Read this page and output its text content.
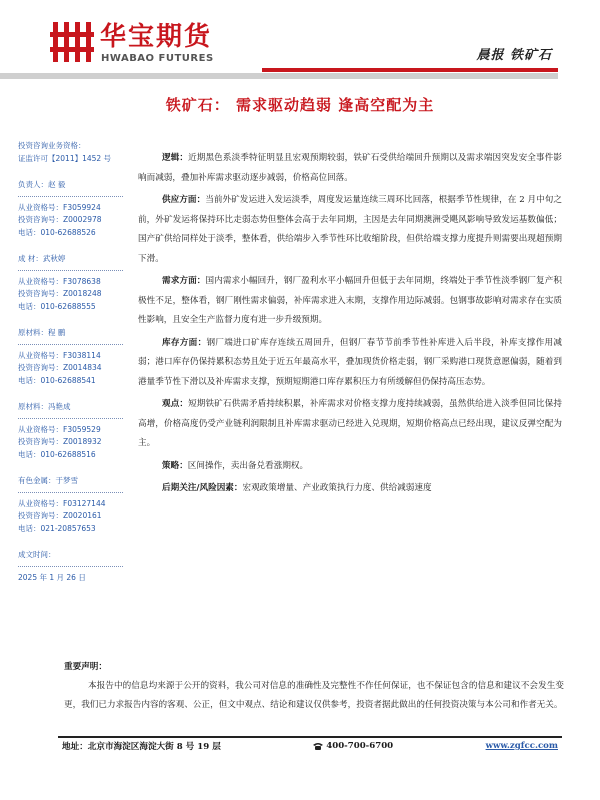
华宝期货
HWABAO FUTURES	晨报 铁矿石
铁矿石： 需求驱动趋弱 逢高空配为主
投资咨询业务资格：
证监许可【2011】1452 号
负责人：赵 毅
从业资格号：F3059924
投资咨询号：Z0002978
电话：010-62688526
成 材：武秋婷
从业资格号：F3078638
投资咨询号：Z0018248
电话：010-62688555
原材料：程 鹏
从业资格号：F3038114
投资咨询号：Z0014834
电话：010-62688541
原材料：冯艳成
从业资格号：F3059529
投资咨询号：Z0018932
电话：010-62688516
有色金属：于梦雪
从业资格号：F03127144
投资咨询号：Z0020161
电话：021-20857653
成文时间：
2025 年 1 月 26 日

逻辑：近期黑色系淡季特征明显且宏观预期较弱，铁矿石受供给端回升预期以及需求端因突发安全事件影响而减弱，叠加补库需求驱动逐步减弱，价格高位回落。

供应方面：当前外矿发运进入发运淡季，周度发运量连续三周环比回落，根据季节性规律，在 2 月中旬之前，外矿发运将保持环比走弱态势但整体会高于去年同期，主因是去年同期澳洲受飓风影响导致发运基数偏低；国产矿供给同样处于淡季，整体看，供给端步入季节性环比收缩阶段，但供给端支撑力度提升则需要出现超预期下滑。

需求方面：国内需求小幅回升，钢厂盈利水平小幅回升但低于去年同期，终端处于季节性淡季钢厂复产积极性不足，整体看，钢厂刚性需求偏弱，补库需求进入末期，支撑作用边际减弱。包钢事故影响对需求存在实质性影响，且安全生产监督力度有进一步升级预期。

库存方面：钢厂端进口矿库存连续五周回升，但钢厂春节节前季节性补库进入后半段，补库支撑作用减弱；港口库存仍保持累积态势且处于近五年最高水平，叠加现货价格走弱，钢厂采购港口现货意愿偏弱，随着到港量季节性下滑以及补库需求支撑，预期短期港口库存累积压力有所缓解但仍保持高压态势。

观点：短期铁矿石供需矛盾持续积累，补库需求对价格支撑力度持续减弱，虽然供给进入淡季但同比保持高增，价格高度仍受产业链利润限制且补库需求驱动已经进入兑现期，短期价格高点已经出现，建议反弹空配为主。

策略：区间操作，卖出备兑看涨期权。

后期关注/风险因素：宏观政策增量、产业政策执行力度、供给减弱速度

重要声明：

本报告中的信息均来源于公开的资料，我公司对信息的准确性及完整性不作任何保证，也不保证包含的信息和建议不会发生变更，我们已力求报告内容的客观、公正，但文中观点、结论和建议仅供参考，投资者据此做出的任何投资决策与本公司和作者无关。

地址：北京市海淀区海淀大街 8 号 19 层	400-700-6700	www.zgfcc.com
